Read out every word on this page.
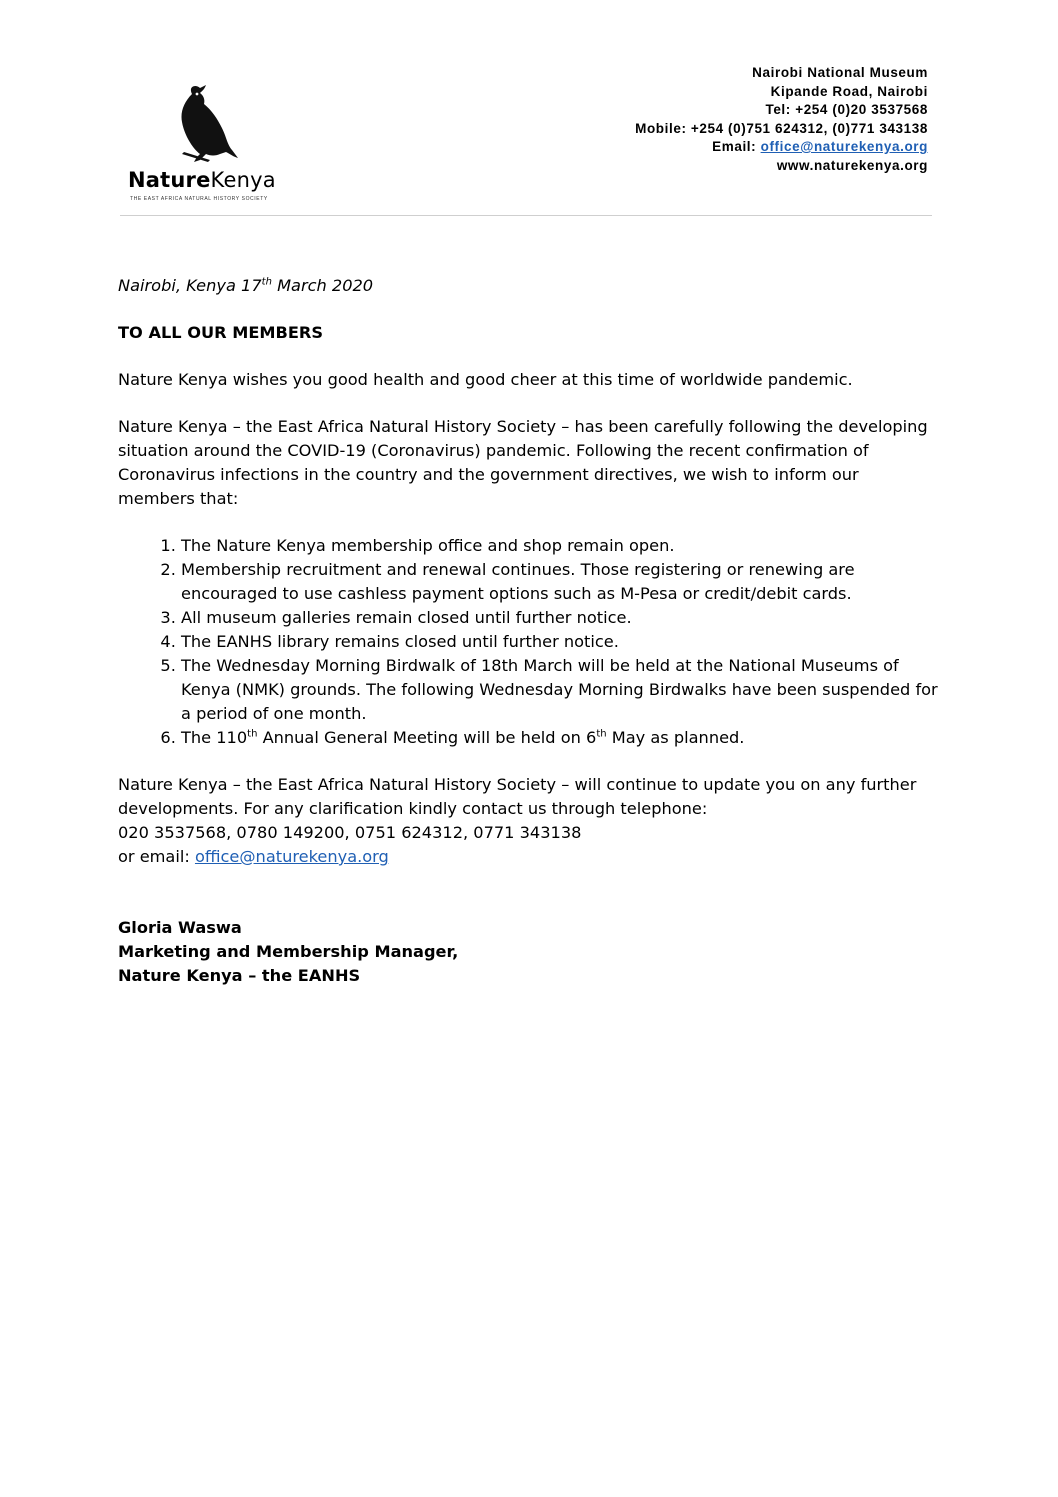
NatureKenya
THE EAST AFRICA NATURAL HISTORY SOCIETY
Nairobi National Museum
Kipande Road, Nairobi
Tel: +254 (0)20 3537568
Mobile: +254 (0)751 624312, (0)771 343138
Email: office@naturekenya.org
www.naturekenya.org

Nairobi, Kenya 17th March 2020

TO ALL OUR MEMBERS

Nature Kenya wishes you good health and good cheer at this time of worldwide pandemic.

Nature Kenya – the East Africa Natural History Society – has been carefully following the developing situation around the COVID-19 (Coronavirus) pandemic. Following the recent confirmation of Coronavirus infections in the country and the government directives, we wish to inform our members that:

1. The Nature Kenya membership office and shop remain open.
2. Membership recruitment and renewal continues. Those registering or renewing are encouraged to use cashless payment options such as M-Pesa or credit/debit cards.
3. All museum galleries remain closed until further notice.
4. The EANHS library remains closed until further notice.
5. The Wednesday Morning Birdwalk of 18th March will be held at the National Museums of Kenya (NMK) grounds. The following Wednesday Morning Birdwalks have been suspended for a period of one month.
6. The 110th Annual General Meeting will be held on 6th May as planned.
Nature Kenya – the East Africa Natural History Society – will continue to update you on any further developments. For any clarification kindly contact us through telephone:
020 3537568, 0780 149200, 0751 624312, 0771 343138
or email: office@naturekenya.org
Gloria Waswa
Marketing and Membership Manager,
Nature Kenya – the EANHS
